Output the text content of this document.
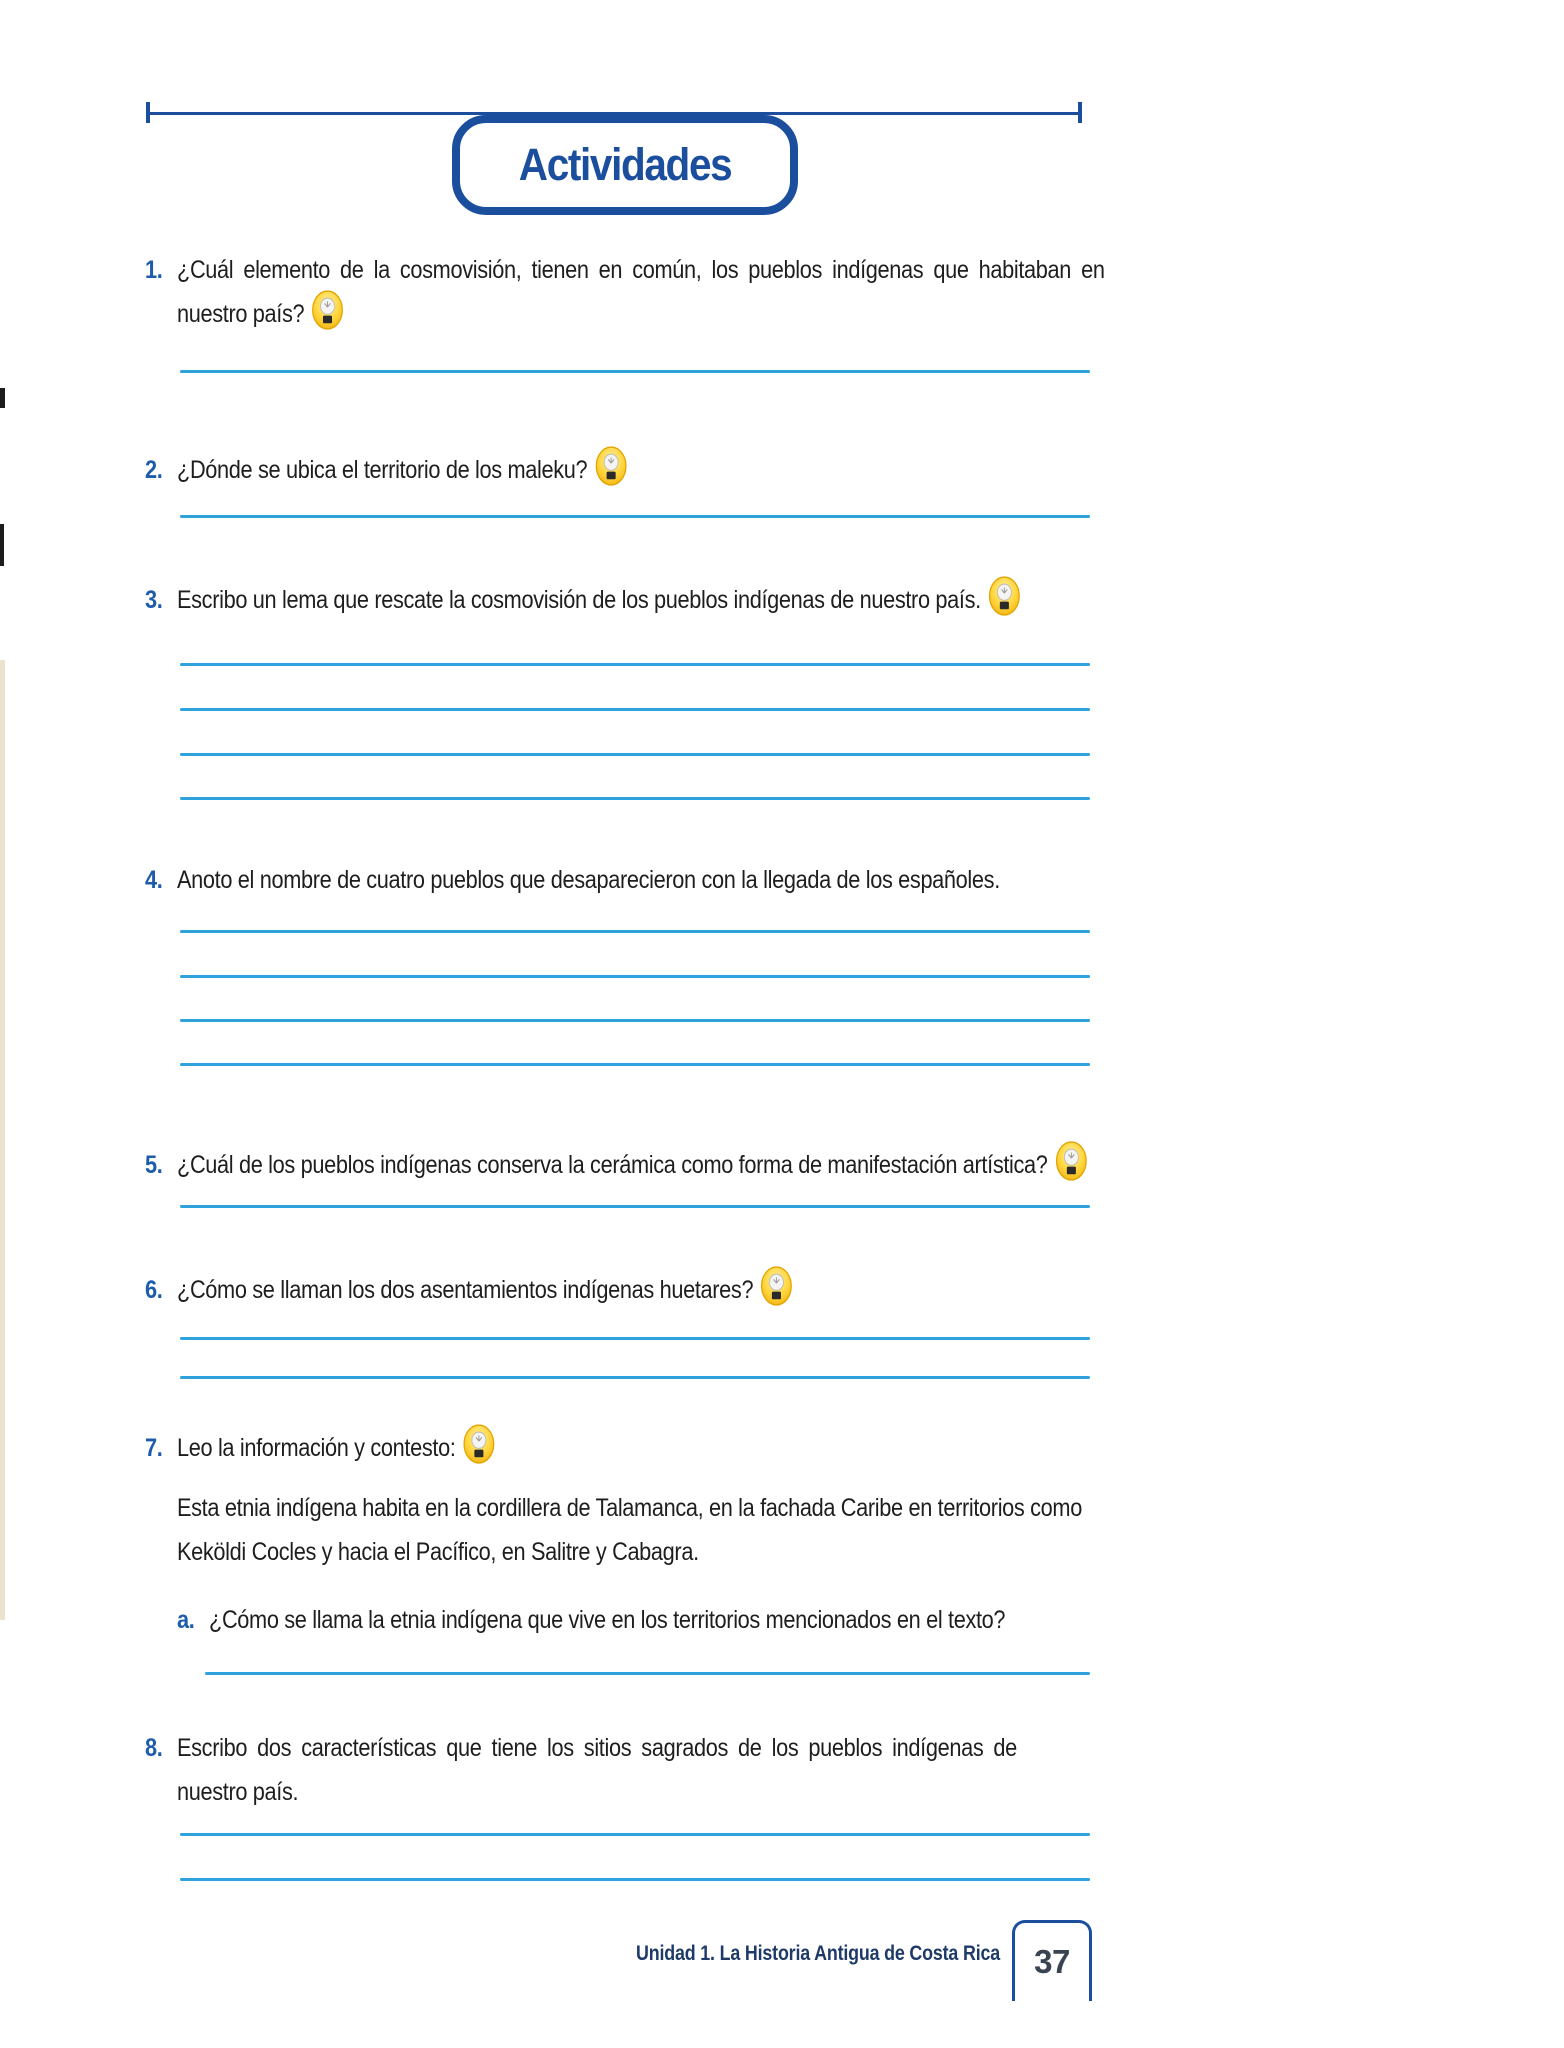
Actividades
1. ¿Cuál elemento de la cosmovisión, tienen en común, los pueblos indígenas que habitaban en
nuestro país?
2. ¿Dónde se ubica el territorio de los maleku?
3. Escribo un lema que rescate la cosmovisión de los pueblos indígenas de nuestro país.
4. Anoto el nombre de cuatro pueblos que desaparecieron con la llegada de los españoles.
5. ¿Cuál de los pueblos indígenas conserva la cerámica como forma de manifestación artística?
6. ¿Cómo se llaman los dos asentamientos indígenas huetares?
7. Leo la información y contesto:
Esta etnia indígena habita en la cordillera de Talamanca, en la fachada Caribe en territorios como
Keköldi Cocles y hacia el Pacífico, en Salitre y Cabagra.
a. ¿Cómo se llama la etnia indígena que vive en los territorios mencionados en el texto?
8. Escribo dos características que tiene los sitios sagrados de los pueblos indígenas de
nuestro país.
Unidad 1. La Historia Antigua de Costa Rica 37
